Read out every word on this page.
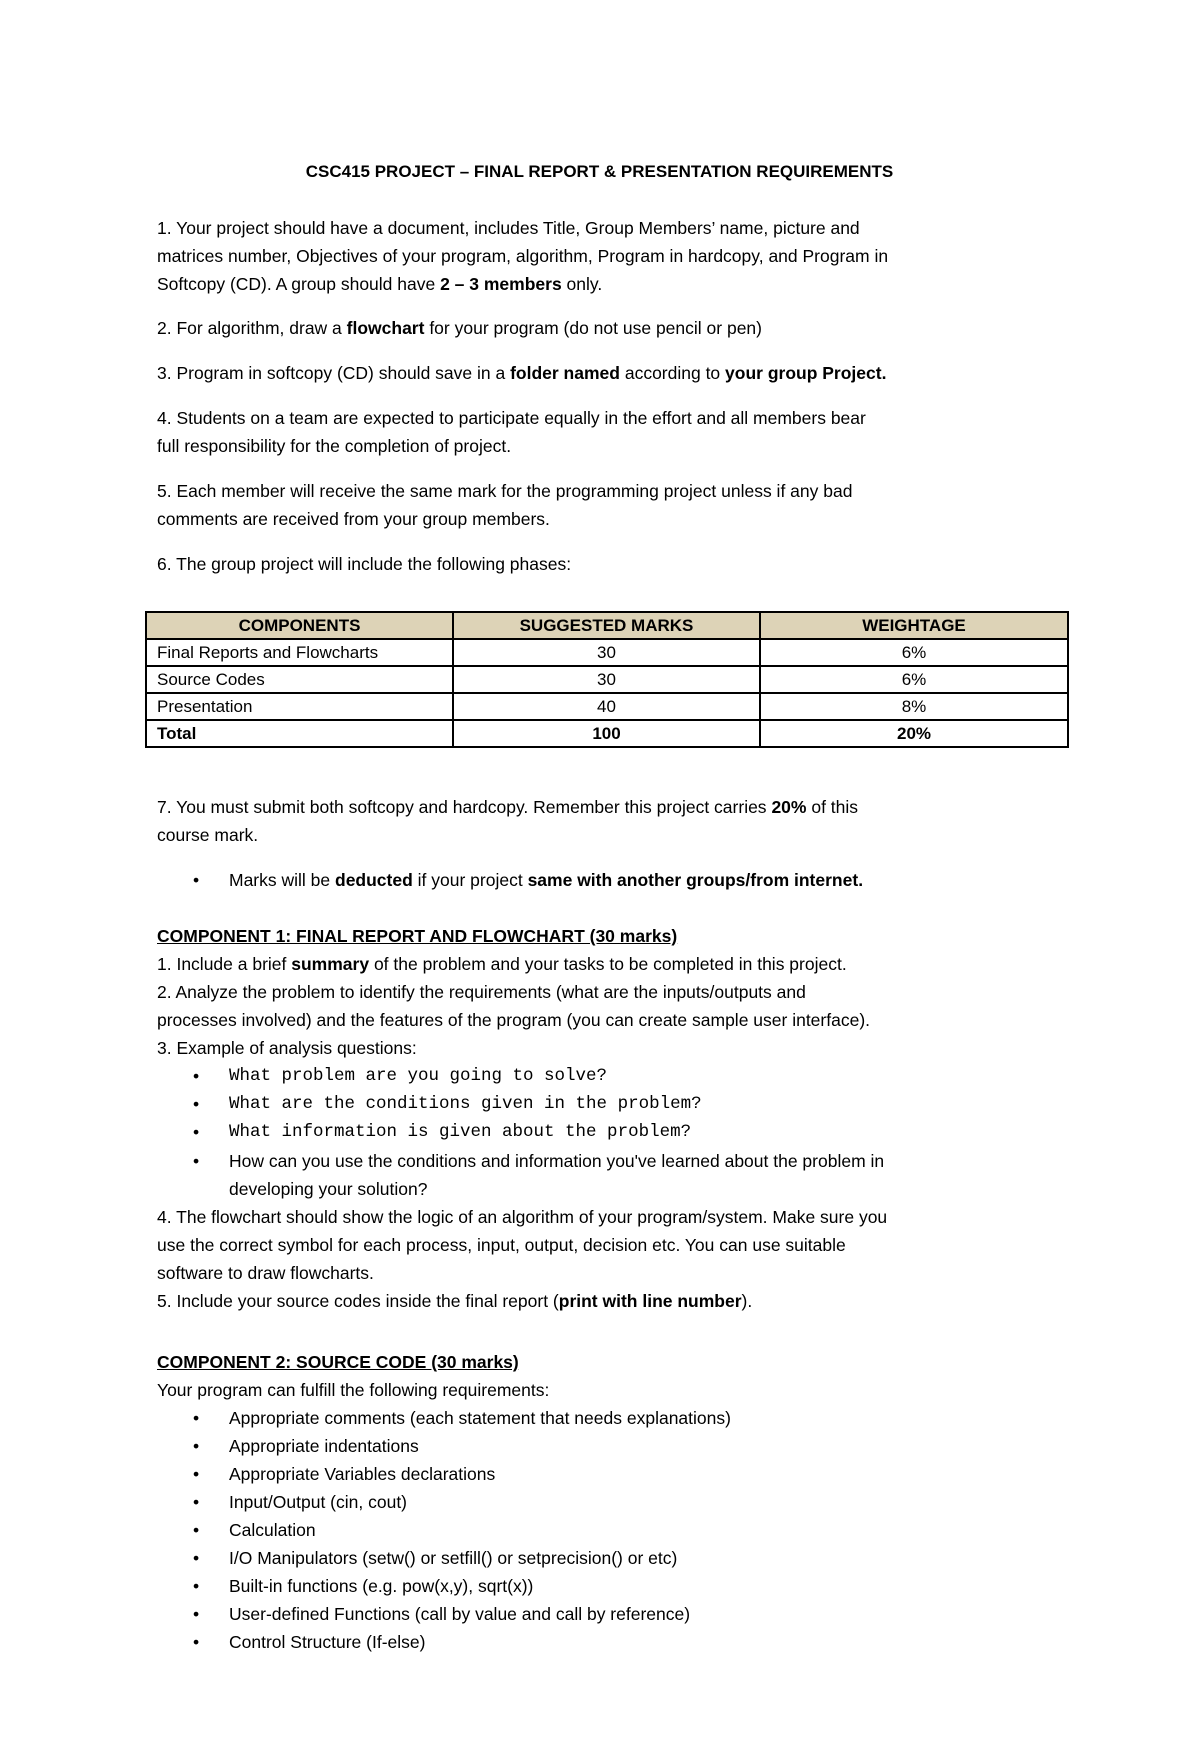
CSC415 PROJECT – FINAL REPORT & PRESENTATION REQUIREMENTS

1. Your project should have a document, includes Title, Group Members’ name, picture and
matrices number, Objectives of your program, algorithm, Program in hardcopy, and Program in
Softcopy (CD). A group should have 2 – 3 members only.

2. For algorithm, draw a flowchart for your program (do not use pencil or pen)

3. Program in softcopy (CD) should save in a folder named according to your group Project.

4. Students on a team are expected to participate equally in the effort and all members bear
full responsibility for the completion of project.

5. Each member will receive the same mark for the programming project unless if any bad
comments are received from your group members.

6. The group project will include the following phases:

COMPONENTS	SUGGESTED MARKS	WEIGHTAGE
Final Reports and Flowcharts	30	6%
Source Codes	30	6%
Presentation	40	8%
Total	100	20%

7. You must submit both softcopy and hardcopy. Remember this project carries 20% of this
course mark.

• Marks will be deducted if your project same with another groups/from internet.

COMPONENT 1: FINAL REPORT AND FLOWCHART (30 marks)

1. Include a brief summary of the problem and your tasks to be completed in this project.
2. Analyze the problem to identify the requirements (what are the inputs/outputs and
processes involved) and the features of the program (you can create sample user interface).
3. Example of analysis questions:

• What problem are you going to solve?
• What are the conditions given in the problem?
• What information is given about the problem?
• How can you use the conditions and information you've learned about the problem in
developing your solution?

4. The flowchart should show the logic of an algorithm of your program/system. Make sure you
use the correct symbol for each process, input, output, decision etc. You can use suitable
software to draw flowcharts.
5. Include your source codes inside the final report (print with line number).

COMPONENT 2: SOURCE CODE (30 marks)

Your program can fulfill the following requirements:

• Appropriate comments (each statement that needs explanations)
• Appropriate indentations
• Appropriate Variables declarations
• Input/Output (cin, cout)
• Calculation
• I/O Manipulators (setw() or setfill() or setprecision() or etc)
• Built-in functions (e.g. pow(x,y), sqrt(x))
• User-defined Functions (call by value and call by reference)
• Control Structure (If-else)
